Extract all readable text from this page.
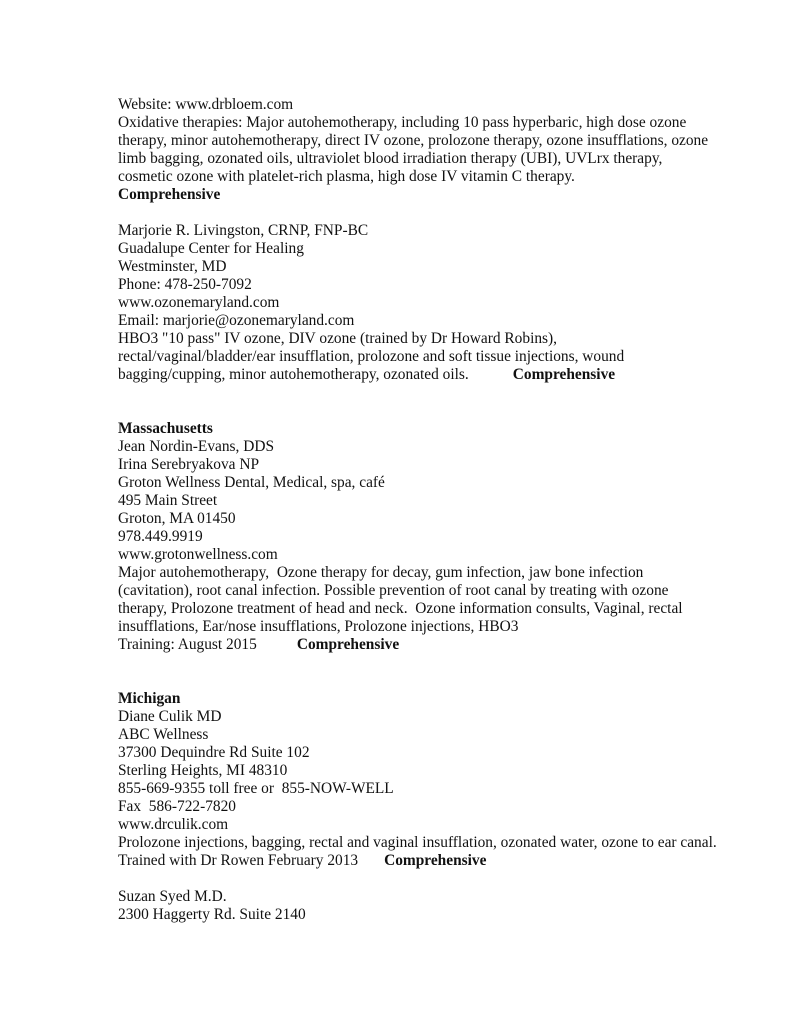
Website: www.drbloem.com
Oxidative therapies: Major autohemotherapy, including 10 pass hyperbaric, high dose ozone
therapy, minor autohemotherapy, direct IV ozone, prolozone therapy, ozone insufflations, ozone
limb bagging, ozonated oils, ultraviolet blood irradiation therapy (UBI), UVLrx therapy,
cosmetic ozone with platelet-rich plasma, high dose IV vitamin C therapy.
Comprehensive
Marjorie R. Livingston, CRNP, FNP-BC
Guadalupe Center for Healing
Westminster, MD
Phone: 478-250-7092
www.ozonemaryland.com
Email: marjorie@ozonemaryland.com
HBO3 "10 pass" IV ozone, DIV ozone (trained by Dr Howard Robins),
rectal/vaginal/bladder/ear insufflation, prolozone and soft tissue injections, wound
bagging/cupping, minor autohemotherapy, ozonated oils.	Comprehensive
Massachusetts
Jean Nordin-Evans, DDS
Irina Serebryakova NP
Groton Wellness Dental, Medical, spa, café
495 Main Street
Groton, MA 01450
978.449.9919
www.grotonwellness.com
Major autohemotherapy,  Ozone therapy for decay, gum infection, jaw bone infection
(cavitation), root canal infection. Possible prevention of root canal by treating with ozone
therapy, Prolozone treatment of head and neck.  Ozone information consults, Vaginal, rectal
insufflations, Ear/nose insufflations, Prolozone injections, HBO3
Training: August 2015	Comprehensive
Michigan
Diane Culik MD
ABC Wellness
37300 Dequindre Rd Suite 102
Sterling Heights, MI 48310
855-669-9355 toll free or  855-NOW-WELL
Fax  586-722-7820
www.drculik.com
Prolozone injections, bagging, rectal and vaginal insufflation, ozonated water, ozone to ear canal.
Trained with Dr Rowen February 2013 Comprehensive
Suzan Syed M.D.
2300 Haggerty Rd. Suite 2140
